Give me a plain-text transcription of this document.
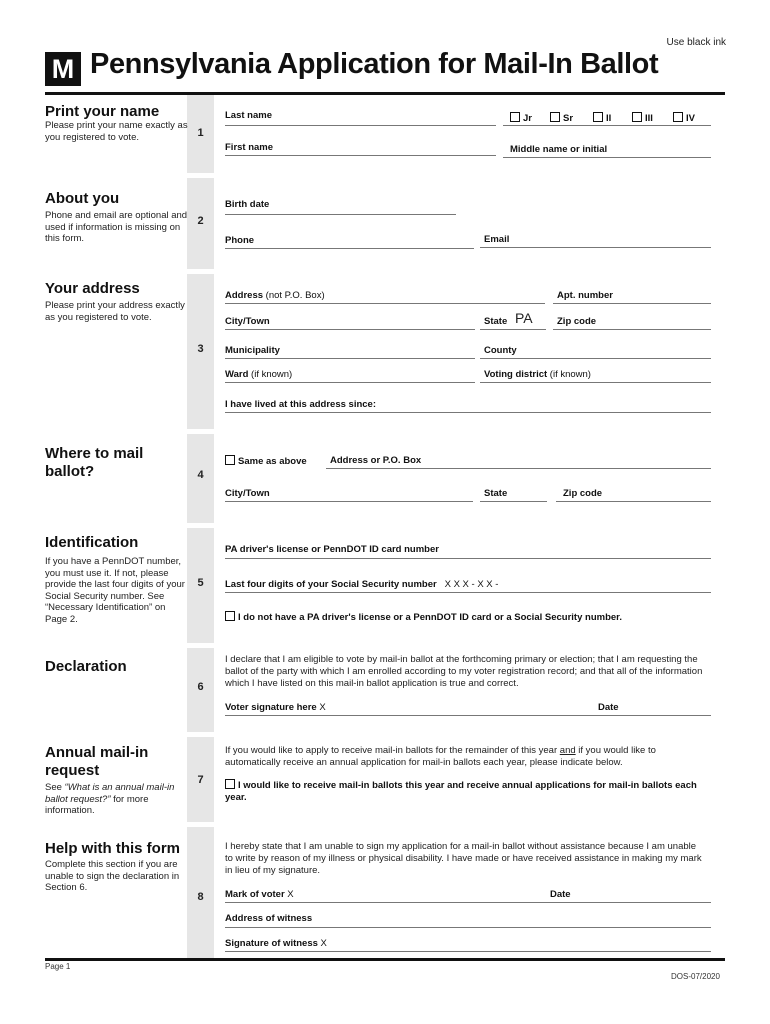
Use black ink
M Pennsylvania Application for Mail-In Ballot
1
2
3
4
5
6
7
8
Print your name
Please print your name exactly as you registered to vote.
Last name	Jr	Sr	II	III	IV
First name	Middle name or initial
About you
Phone and email are optional and used if information is missing on this form.
Birth date
Phone	Email
Your address
Please print your address exactly as you registered to vote.
Address (not P.O. Box)	Apt. number
City/Town	State PA	Zip code
Municipality	County
Ward (if known)	Voting district (if known)
I have lived at this address since:
Where to mail ballot?
Same as above Address or P.O. Box
City/Town	State	Zip code
Identification
If you have a PennDOT number, you must use it. If not, please provide the last four digits of your Social Security number. See “Necessary Identification” on Page 2.
PA driver's license or PennDOT ID card number
Last four digits of your Social Security number X X X - X X -
I do not have a PA driver's license or a PennDOT ID card or a Social Security number.
Declaration	I declare that I am eligible to vote by mail-in ballot at the forthcoming primary or election; that I am requesting the ballot of the party with which I am enrolled according to my voter registration record; and that all of the information which I have listed on this mail-in ballot application is true and correct.
Voter signature here X	Date
Annual mail-in request
See “What is an annual mail-in ballot request?” for more information.
If you would like to apply to receive mail-in ballots for the remainder of this year and if you would like to automatically receive an annual application for mail-in ballots each year, please indicate below.
I would like to receive mail-in ballots this year and receive annual applications for mail-in ballots each year.
Help with this form
Complete this section if you are unable to sign the declaration in Section 6.
I hereby state that I am unable to sign my application for a mail-in ballot without assistance because I am unable to write by reason of my illness or physical disability. I have made or have received assistance in making my mark in lieu of my signature.
Mark of voter X	Date
Address of witness
Signature of witness X
Page 1
DOS-07/2020
